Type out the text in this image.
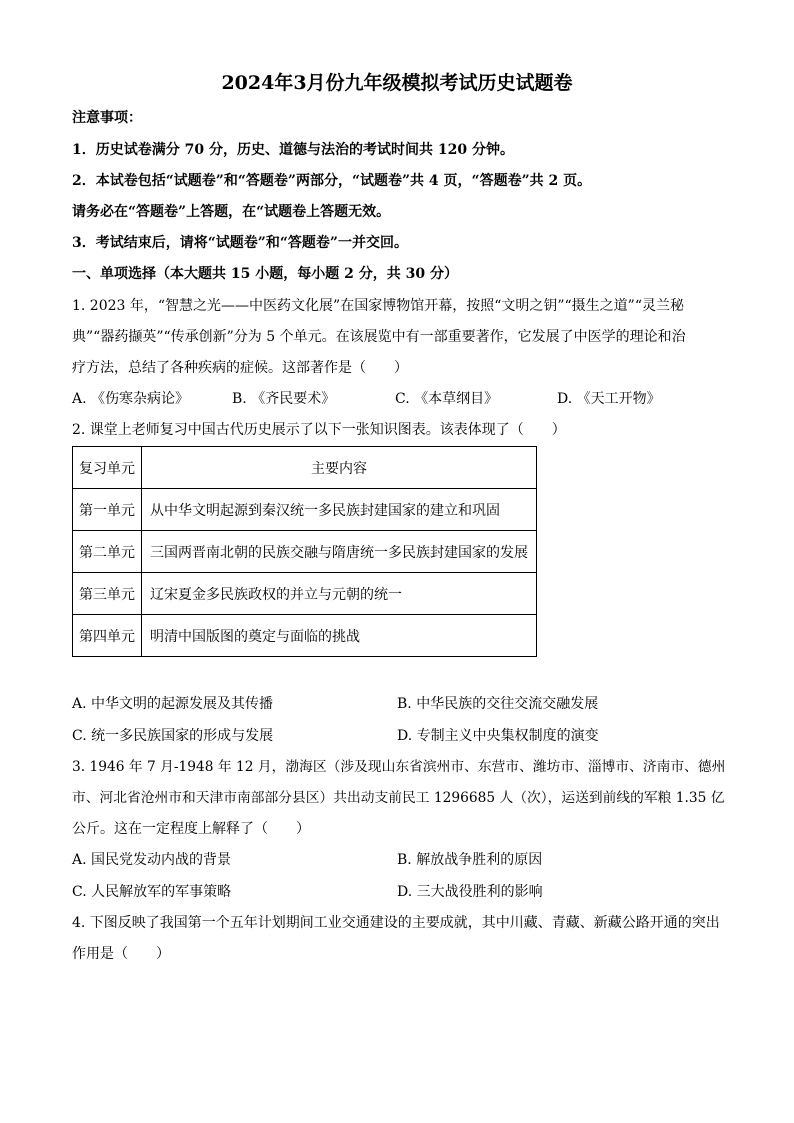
2024年3月份九年级模拟考试历史试题卷
注意事项：
1．历史试卷满分 70 分，历史、道德与法治的考试时间共 120 分钟。
2．本试卷包括“试题卷”和“答题卷”两部分，“试题卷”共 4 页，“答题卷”共 2 页。
请务必在“答题卷”上答题，在“试题卷上答题无效。
3．考试结束后，请将“试题卷”和“答题卷”一并交回。
一、单项选择（本大题共 15 小题，每小题 2 分，共 30 分）
1. 2023 年，“智慧之光——中医药文化展”在国家博物馆开幕，按照“文明之钥”“摄生之道”“灵兰秘
典”“器药撷英”“传承创新”分为 5 个单元。在该展览中有一部重要著作，它发展了中医学的理论和治
疗方法，总结了各种疾病的症候。这部著作是（　　）
A. 《伤寒杂病论》	B. 《齐民要术》	C. 《本草纲目》	D. 《天工开物》
2. 课堂上老师复习中国古代历史展示了以下一张知识图表。该表体现了（　　）
复习单元	主要内容
第一单元	从中华文明起源到秦汉统一多民族封建国家的建立和巩固
第二单元	三国两晋南北朝的民族交融与隋唐统一多民族封建国家的发展
第三单元	辽宋夏金多民族政权的并立与元朝的统一
第四单元	明清中国版图的奠定与面临的挑战
A. 中华文明的起源发展及其传播	B. 中华民族的交往交流交融发展
C. 统一多民族国家的形成与发展	D. 专制主义中央集权制度的演变
3. 1946 年 7 月-1948 年 12 月，渤海区（涉及现山东省滨州市、东营市、潍坊市、淄博市、济南市、德州
市、河北省沧州市和天津市南部部分县区）共出动支前民工 1296685 人（次），运送到前线的军粮 1.35 亿
公斤。这在一定程度上解释了（　　）
A. 国民党发动内战的背景	B. 解放战争胜利的原因
C. 人民解放军的军事策略	D. 三大战役胜利的影响
4. 下图反映了我国第一个五年计划期间工业交通建设的主要成就，其中川藏、青藏、新藏公路开通的突出
作用是（　　）
